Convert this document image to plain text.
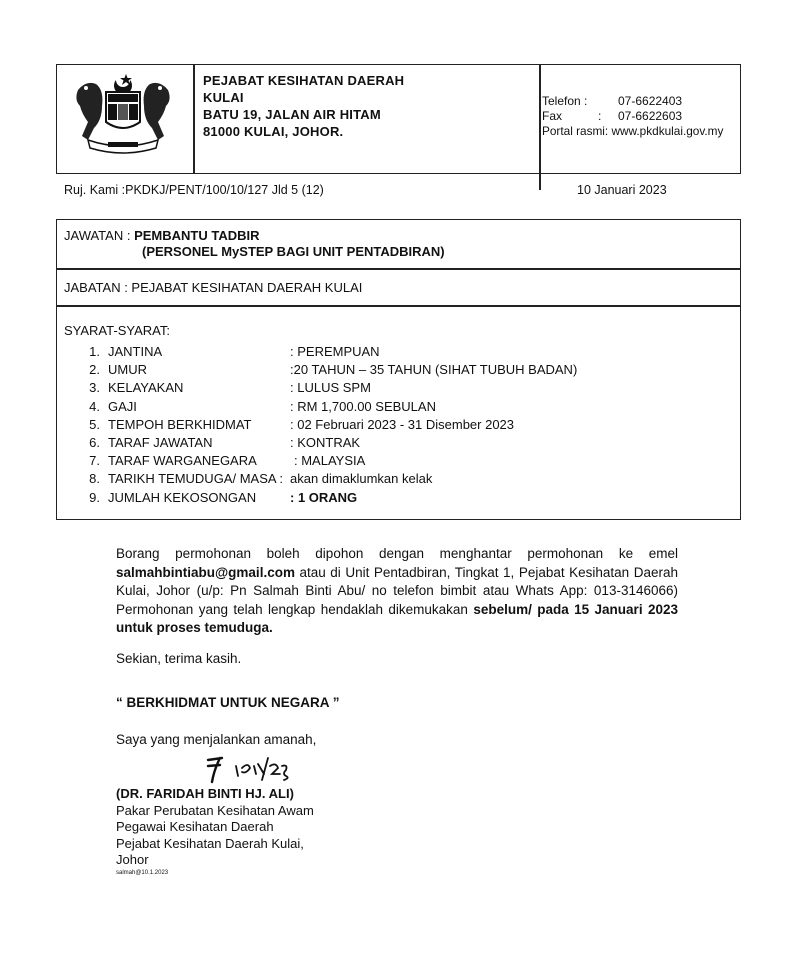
PEJABAT KESIHATAN DAERAH
KULAI
BATU 19, JALAN AIR HITAM
81000 KULAI, JOHOR.
Telefon :	07-6622403
Fax	: 07-6622603
Portal rasmi: www.pkdkulai.gov.my
Ruj. Kami :PKDKJ/PENT/100/10/127 Jld 5 (12)	10 Januari 2023
JAWATAN : PEMBANTU TADBIR
(PERSONEL MySTEP BAGI UNIT PENTADBIRAN)
JABATAN : PEJABAT KESIHATAN DAERAH KULAI
SYARAT-SYARAT:
1. JANTINA	: PEREMPUAN
2. UMUR	:20 TAHUN – 35 TAHUN (SIHAT TUBUH BADAN)
3. KELAYAKAN	: LULUS SPM
4. GAJI	: RM 1,700.00 SEBULAN
5. TEMPOH BERKHIDMAT	: 02 Februari 2023 - 31 Disember 2023
6. TARAF JAWATAN	: KONTRAK
7. TARAF WARGANEGARA	: MALAYSIA
8. TARIKH TEMUDUGA/ MASA : akan dimaklumkan kelak
9. JUMLAH KEKOSONGAN	: 1 ORANG
Borang permohonan boleh dipohon dengan menghantar permohonan ke emel salmahbintiabu@gmail.com atau di Unit Pentadbiran, Tingkat 1, Pejabat Kesihatan Daerah Kulai, Johor (u/p: Pn Salmah Binti Abu/ no telefon bimbit atau Whats App: 013-3146066) Permohonan yang telah lengkap hendaklah dikemukakan sebelum/ pada 15 Januari 2023 untuk proses temuduga.
Sekian, terima kasih.
“ BERKHIDMAT UNTUK NEGARA ”
Saya yang menjalankan amanah,
(DR. FARIDAH BINTI HJ. ALI)
Pakar Perubatan Kesihatan Awam
Pegawai Kesihatan Daerah
Pejabat Kesihatan Daerah Kulai,
Johor
salmah@10.1.2023
